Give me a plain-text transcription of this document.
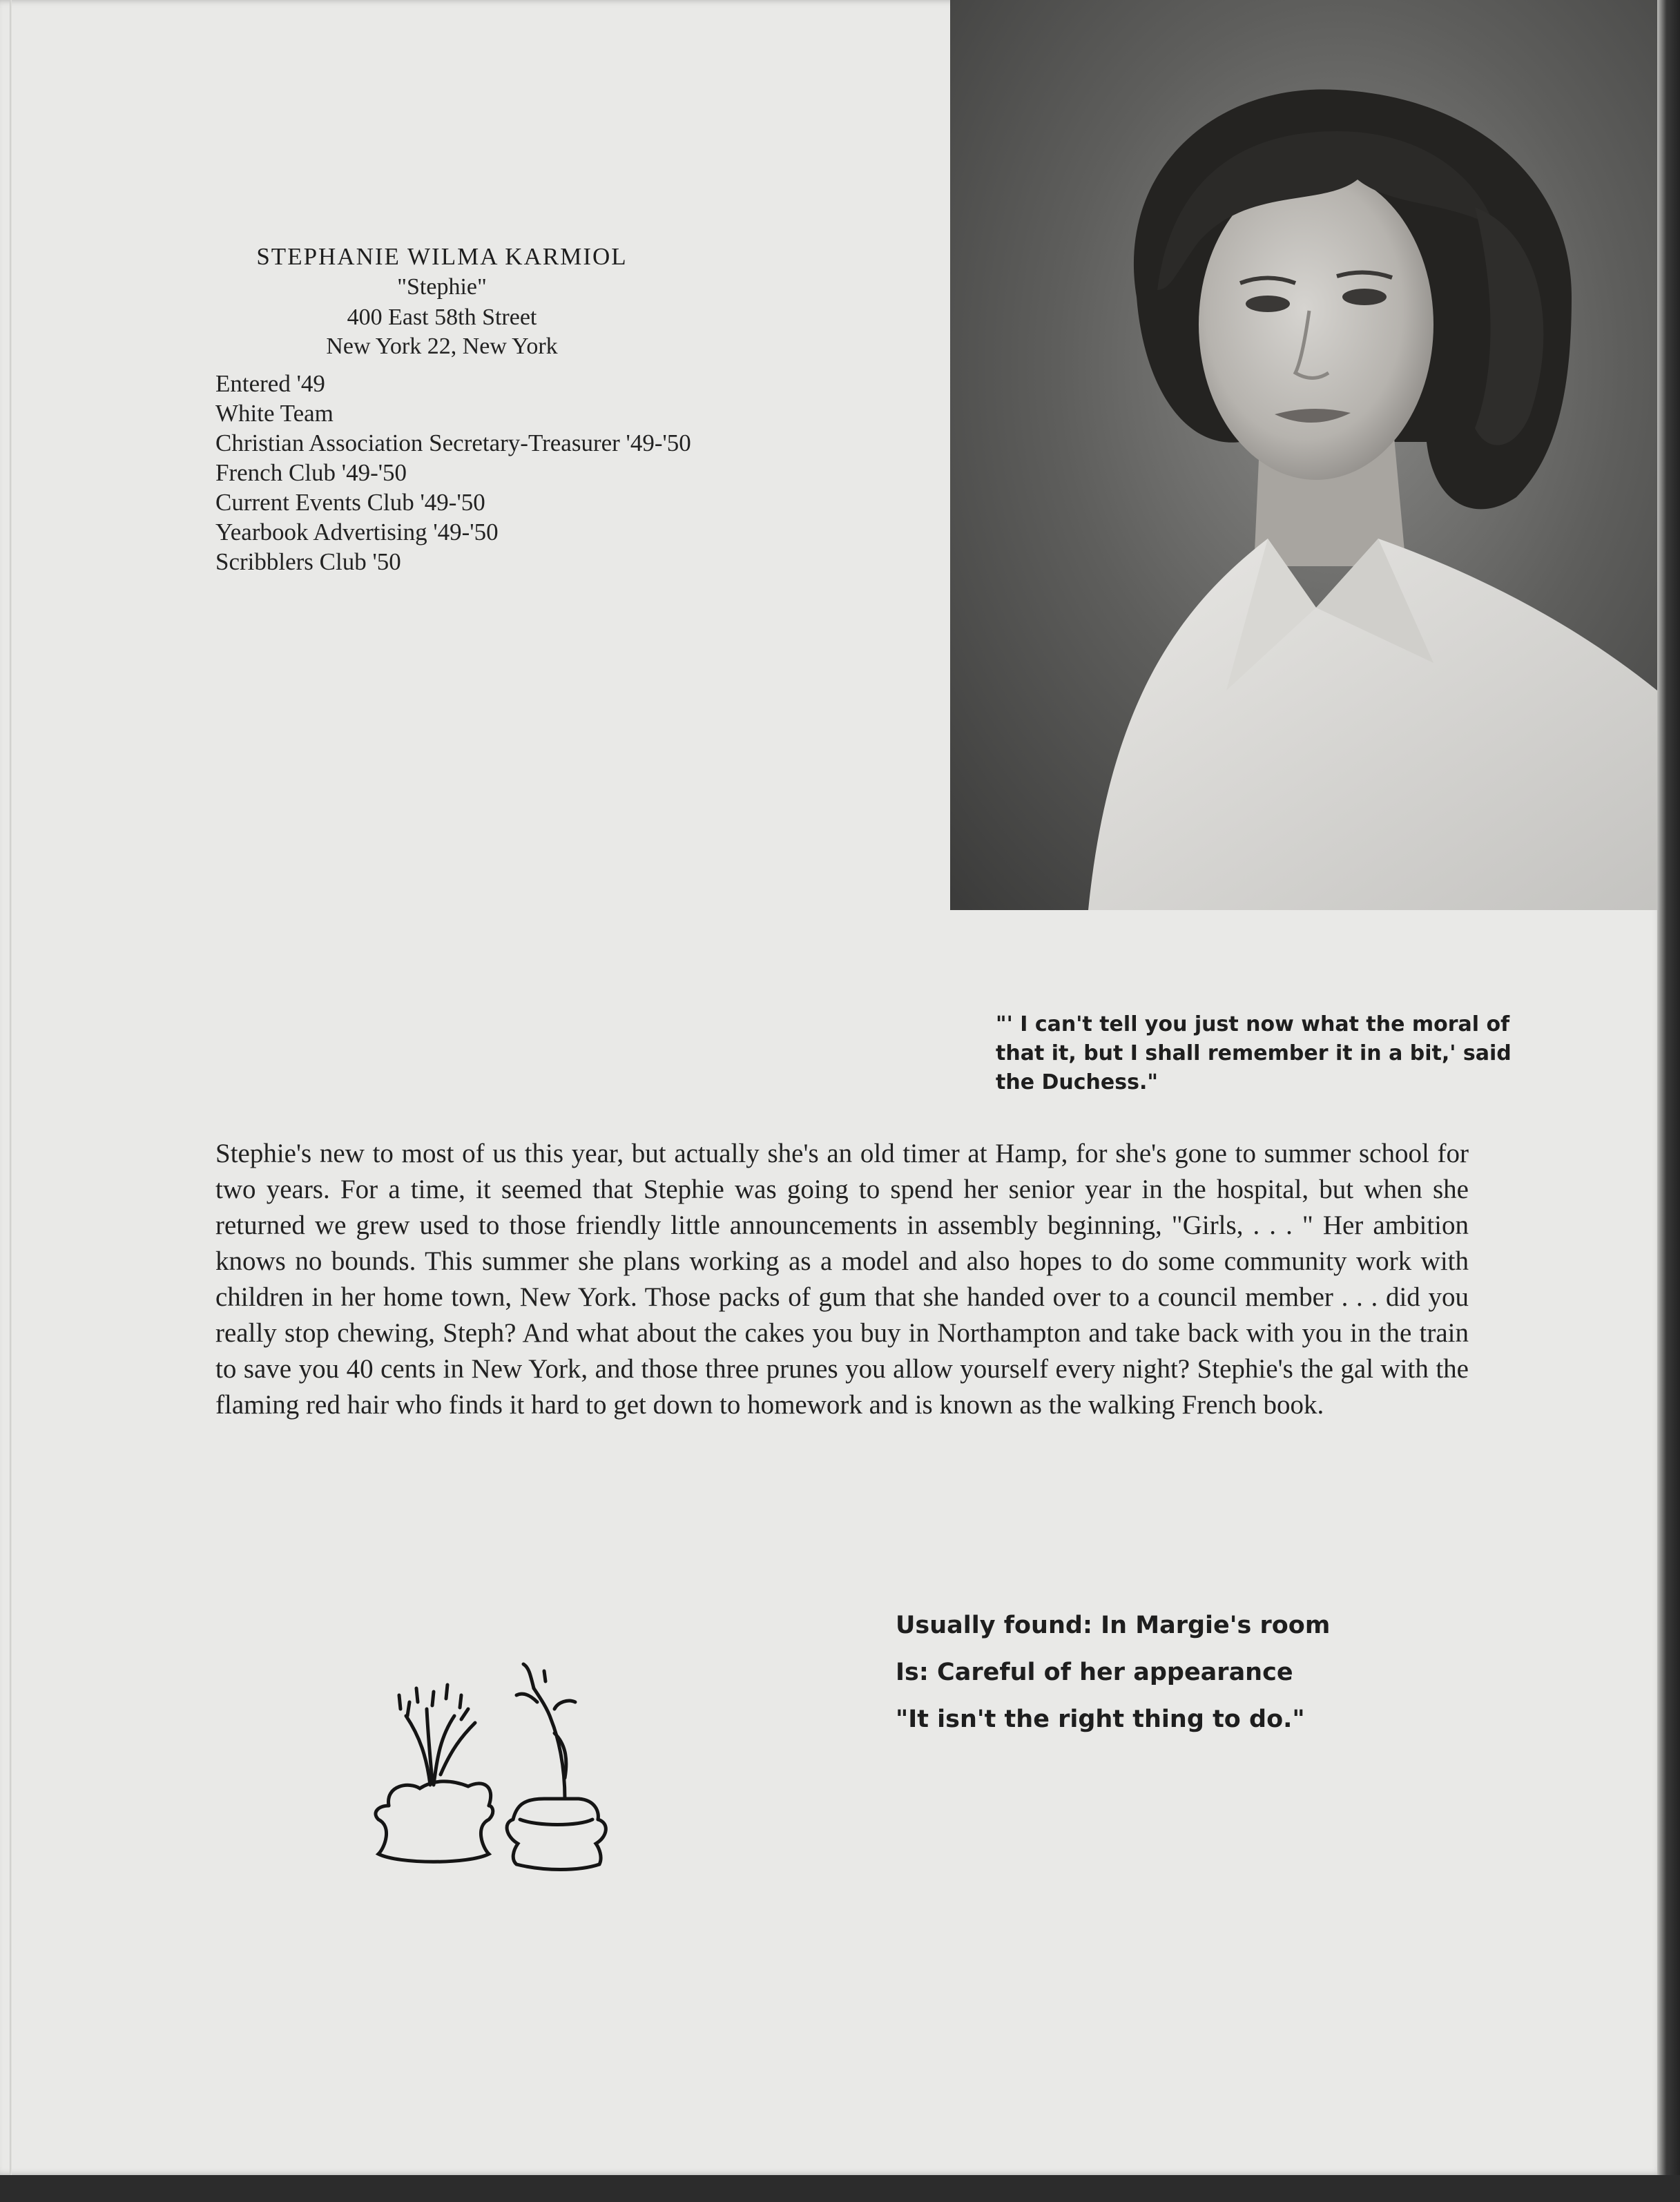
STEPHANIE WILMA KARMIOL
"Stephie"
400 East 58th Street
New York 22, New York
Entered '49
White Team
Christian Association Secretary-Treasurer '49-'50
French Club '49-'50
Current Events Club '49-'50
Yearbook Advertising '49-'50
Scribblers Club '50
"' I can't tell you just now what the moral of that it, but I shall remember it in a bit,' said the Duchess."
Stephie's new to most of us this year, but actually she's an old timer at Hamp, for she's gone to summer school for two years. For a time, it seemed that Stephie was going to spend her senior year in the hospital, but when she returned we grew used to those friendly little announcements in assembly beginning, "Girls, . . . " Her ambition knows no bounds. This summer she plans working as a model and also hopes to do some community work with children in her home town, New York. Those packs of gum that she handed over to a council member . . . did you really stop chewing, Steph? And what about the cakes you buy in Northampton and take back with you in the train to save you 40 cents in New York, and those three prunes you allow yourself every night? Stephie's the gal with the flaming red hair who finds it hard to get down to homework and is known as the walking French book.
Usually found: In Margie's room
Is: Careful of her appearance
"It isn't the right thing to do."
